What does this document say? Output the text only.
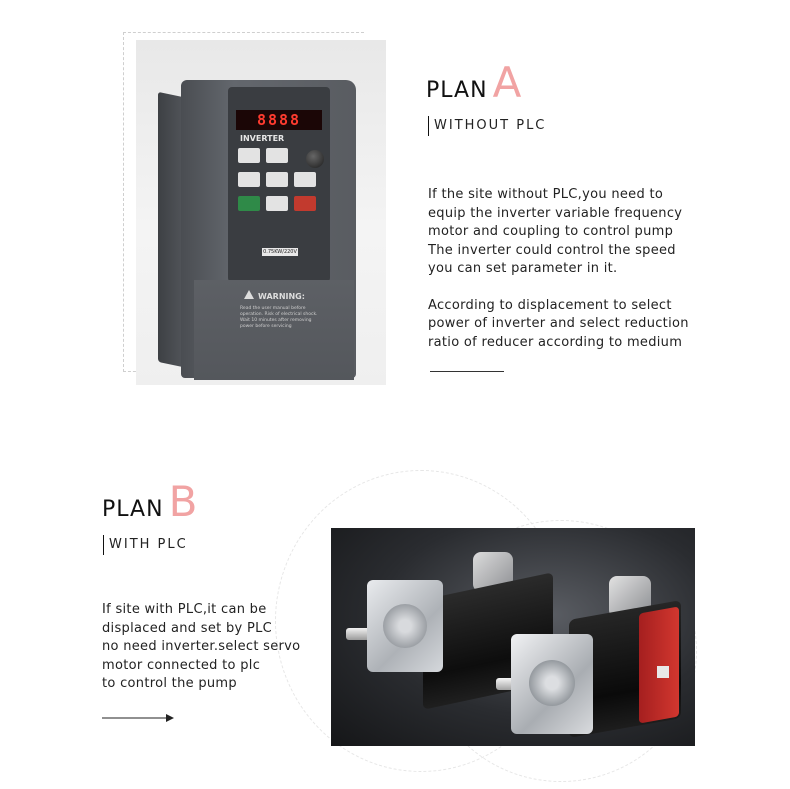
8888
INVERTER
0.75KW/220V
WARNING:
Read the user manual before operation. Risk of electrical shock. Wait 10 minutes after removing power before servicing
PLAN A
WITHOUT PLC

If the site without PLC,you need to

equip the inverter variable frequency

motor and coupling to control pump

The inverter could control the speed

you can set parameter in it.

According to displacement to select

power of inverter and select reduction

ratio of reducer according to medium

PLAN B
WITH PLC

If site with PLC,it can be

displaced and set by PLC

no need inverter.select servo

motor connected to plc

to control the pump
